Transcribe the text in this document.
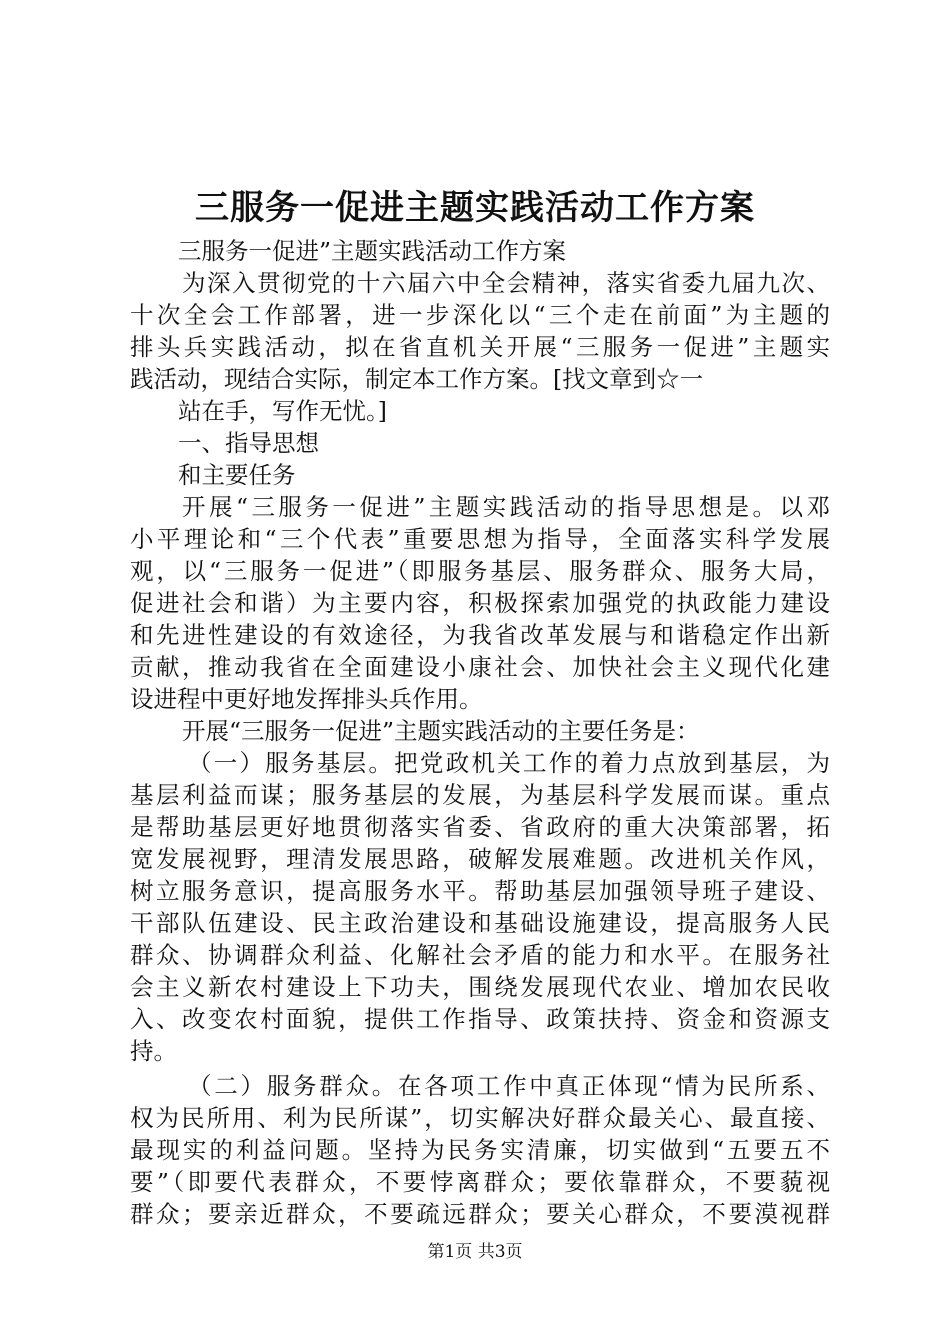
三服务一促进主题实践活动工作方案
三服务一促进”主题实践活动工作方案
为深入贯彻党的十六届六中全会精神，落实省委九届九次、
十次全会工作部署，进一步深化以“三个走在前面”为主题的
排头兵实践活动，拟在省直机关开展“三服务一促进”主题实
践活动，现结合实际，制定本工作方案。[找文章到☆一
站在手，写作无忧。]
一、指导思想
和主要任务
开展“三服务一促进”主题实践活动的指导思想是。以邓
小平理论和“三个代表”重要思想为指导，全面落实科学发展
观，以“三服务一促进”（即服务基层、服务群众、服务大局，
促进社会和谐）为主要内容，积极探索加强党的执政能力建设
和先进性建设的有效途径，为我省改革发展与和谐稳定作出新
贡献，推动我省在全面建设小康社会、加快社会主义现代化建
设进程中更好地发挥排头兵作用。
开展“三服务一促进”主题实践活动的主要任务是：
（一）服务基层。把党政机关工作的着力点放到基层，为
基层利益而谋；服务基层的发展，为基层科学发展而谋。重点
是帮助基层更好地贯彻落实省委、省政府的重大决策部署，拓
宽发展视野，理清发展思路，破解发展难题。改进机关作风，
树立服务意识，提高服务水平。帮助基层加强领导班子建设、
干部队伍建设、民主政治建设和基础设施建设，提高服务人民
群众、协调群众利益、化解社会矛盾的能力和水平。在服务社
会主义新农村建设上下功夫，围绕发展现代农业、增加农民收
入、改变农村面貌，提供工作指导、政策扶持、资金和资源支
持。
（二）服务群众。在各项工作中真正体现“情为民所系、
权为民所用、利为民所谋”，切实解决好群众最关心、最直接、
最现实的利益问题。坚持为民务实清廉，切实做到“五要五不
要”（即要代表群众，不要悖离群众；要依靠群众，不要藐视
群众；要亲近群众，不要疏远群众；要关心群众，不要漠视群
第1页 共3页
